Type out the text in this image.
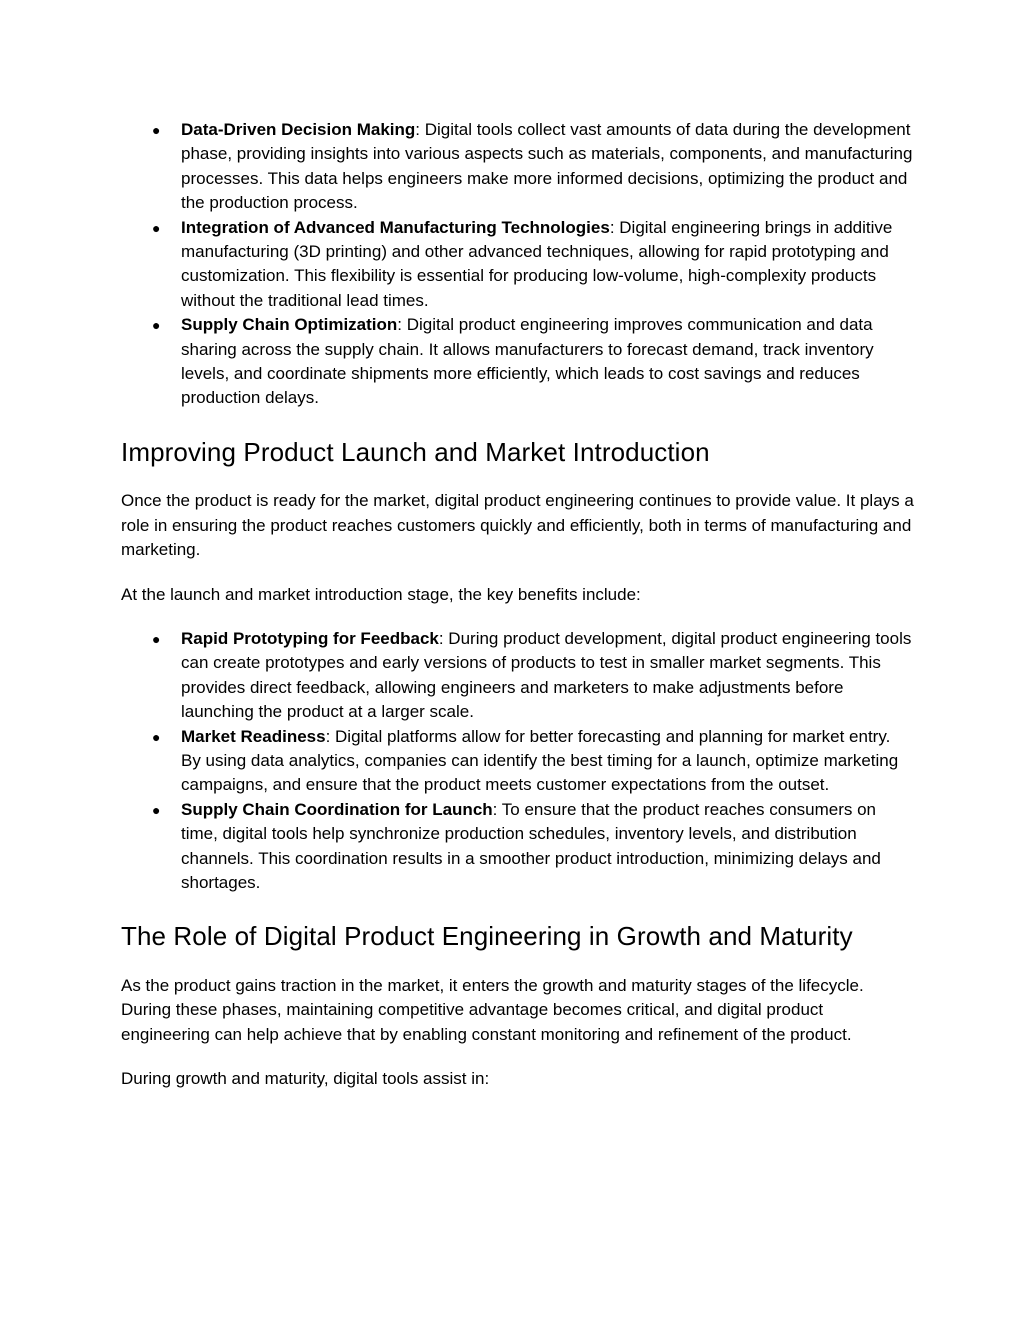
● Data-Driven Decision Making: Digital tools collect vast amounts of data during the development phase, providing insights into various aspects such as materials, components, and manufacturing processes. This data helps engineers make more informed decisions, optimizing the product and the production process.
● Integration of Advanced Manufacturing Technologies: Digital engineering brings in additive manufacturing (3D printing) and other advanced techniques, allowing for rapid prototyping and customization. This flexibility is essential for producing low-volume, high-complexity products without the traditional lead times.
● Supply Chain Optimization: Digital product engineering improves communication and data sharing across the supply chain. It allows manufacturers to forecast demand, track inventory levels, and coordinate shipments more efficiently, which leads to cost savings and reduces production delays.
Improving Product Launch and Market Introduction

Once the product is ready for the market, digital product engineering continues to provide value. It plays a role in ensuring the product reaches customers quickly and efficiently, both in terms of manufacturing and marketing.

At the launch and market introduction stage, the key benefits include:

● Rapid Prototyping for Feedback: During product development, digital product engineering tools can create prototypes and early versions of products to test in smaller market segments. This provides direct feedback, allowing engineers and marketers to make adjustments before launching the product at a larger scale.
● Market Readiness: Digital platforms allow for better forecasting and planning for market entry. By using data analytics, companies can identify the best timing for a launch, optimize marketing campaigns, and ensure that the product meets customer expectations from the outset.
● Supply Chain Coordination for Launch: To ensure that the product reaches consumers on time, digital tools help synchronize production schedules, inventory levels, and distribution channels. This coordination results in a smoother product introduction, minimizing delays and shortages.
The Role of Digital Product Engineering in Growth and Maturity

As the product gains traction in the market, it enters the growth and maturity stages of the lifecycle. During these phases, maintaining competitive advantage becomes critical, and digital product engineering can help achieve that by enabling constant monitoring and refinement of the product.

During growth and maturity, digital tools assist in:
